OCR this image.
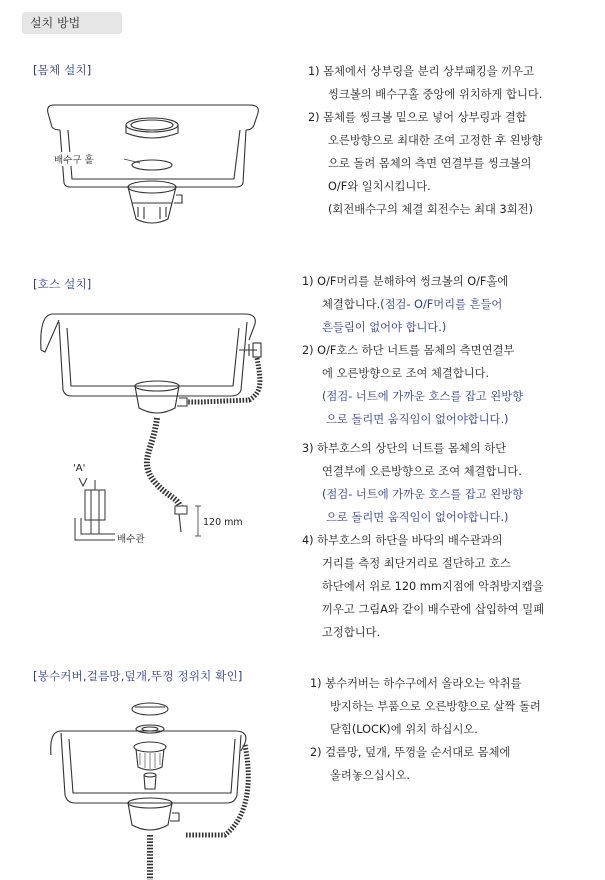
설치 방법
[몸체 설치]
배수구 홀
1) 몸체에서 상부링을 분리 상부패킹을 끼우고
씽크볼의 배수구홀 중앙에 위치하게 합니다.
2) 몸체를 씽크볼 밑으로 넣어 상부링과 결합
오른방향으로 최대한 조여 고정한 후 왼방향
으로 돌려 몸체의 측면 연결부를 씽크볼의
O/F와 일치시킵니다.
(회전배수구의 체결 회전수는 최대 3회전)
[호스 설치]
120 mm
'A'
배수관
1) O/F머리를 분해하여 씽크볼의 O/F홀에
체결합니다.(점검- O/F머리를 흔들어
흔들림이 없어야 합니다.)
2) O/F호스 하단 너트를 몸체의 측면연결부
에 오른방향으로 조여 체결합니다.
(점검- 너트에 가까운 호스를 잡고 왼방향
으로 돌리면 움직임이 없어야합니다.)
3) 하부호스의 상단의 너트를 몸체의 하단
연결부에 오른방향으로 조여 체결합니다.
(점검- 너트에 가까운 호스를 잡고 왼방향
으로 돌리면 움직임이 없어야합니다.)
4) 하부호스의 하단을 바닥의 배수관과의
거리를 측정 최단거리로 절단하고 호스
하단에서 위로 120 mm지점에 악취방지캡을
끼우고 그림A와 같이 배수관에 삽입하여 밀폐
고정합니다.
[봉수커버,걸름망,덮개,뚜껑 정위치 확인]
1) 봉수커버는 하수구에서 올라오는 악취를
방지하는 부품으로 오른방향으로 살짝 돌려
닫힘(LOCK)에 위치 하십시오.
2) 걸름망, 덮개, 뚜껑을 순서대로 몸체에
올려놓으십시오.
